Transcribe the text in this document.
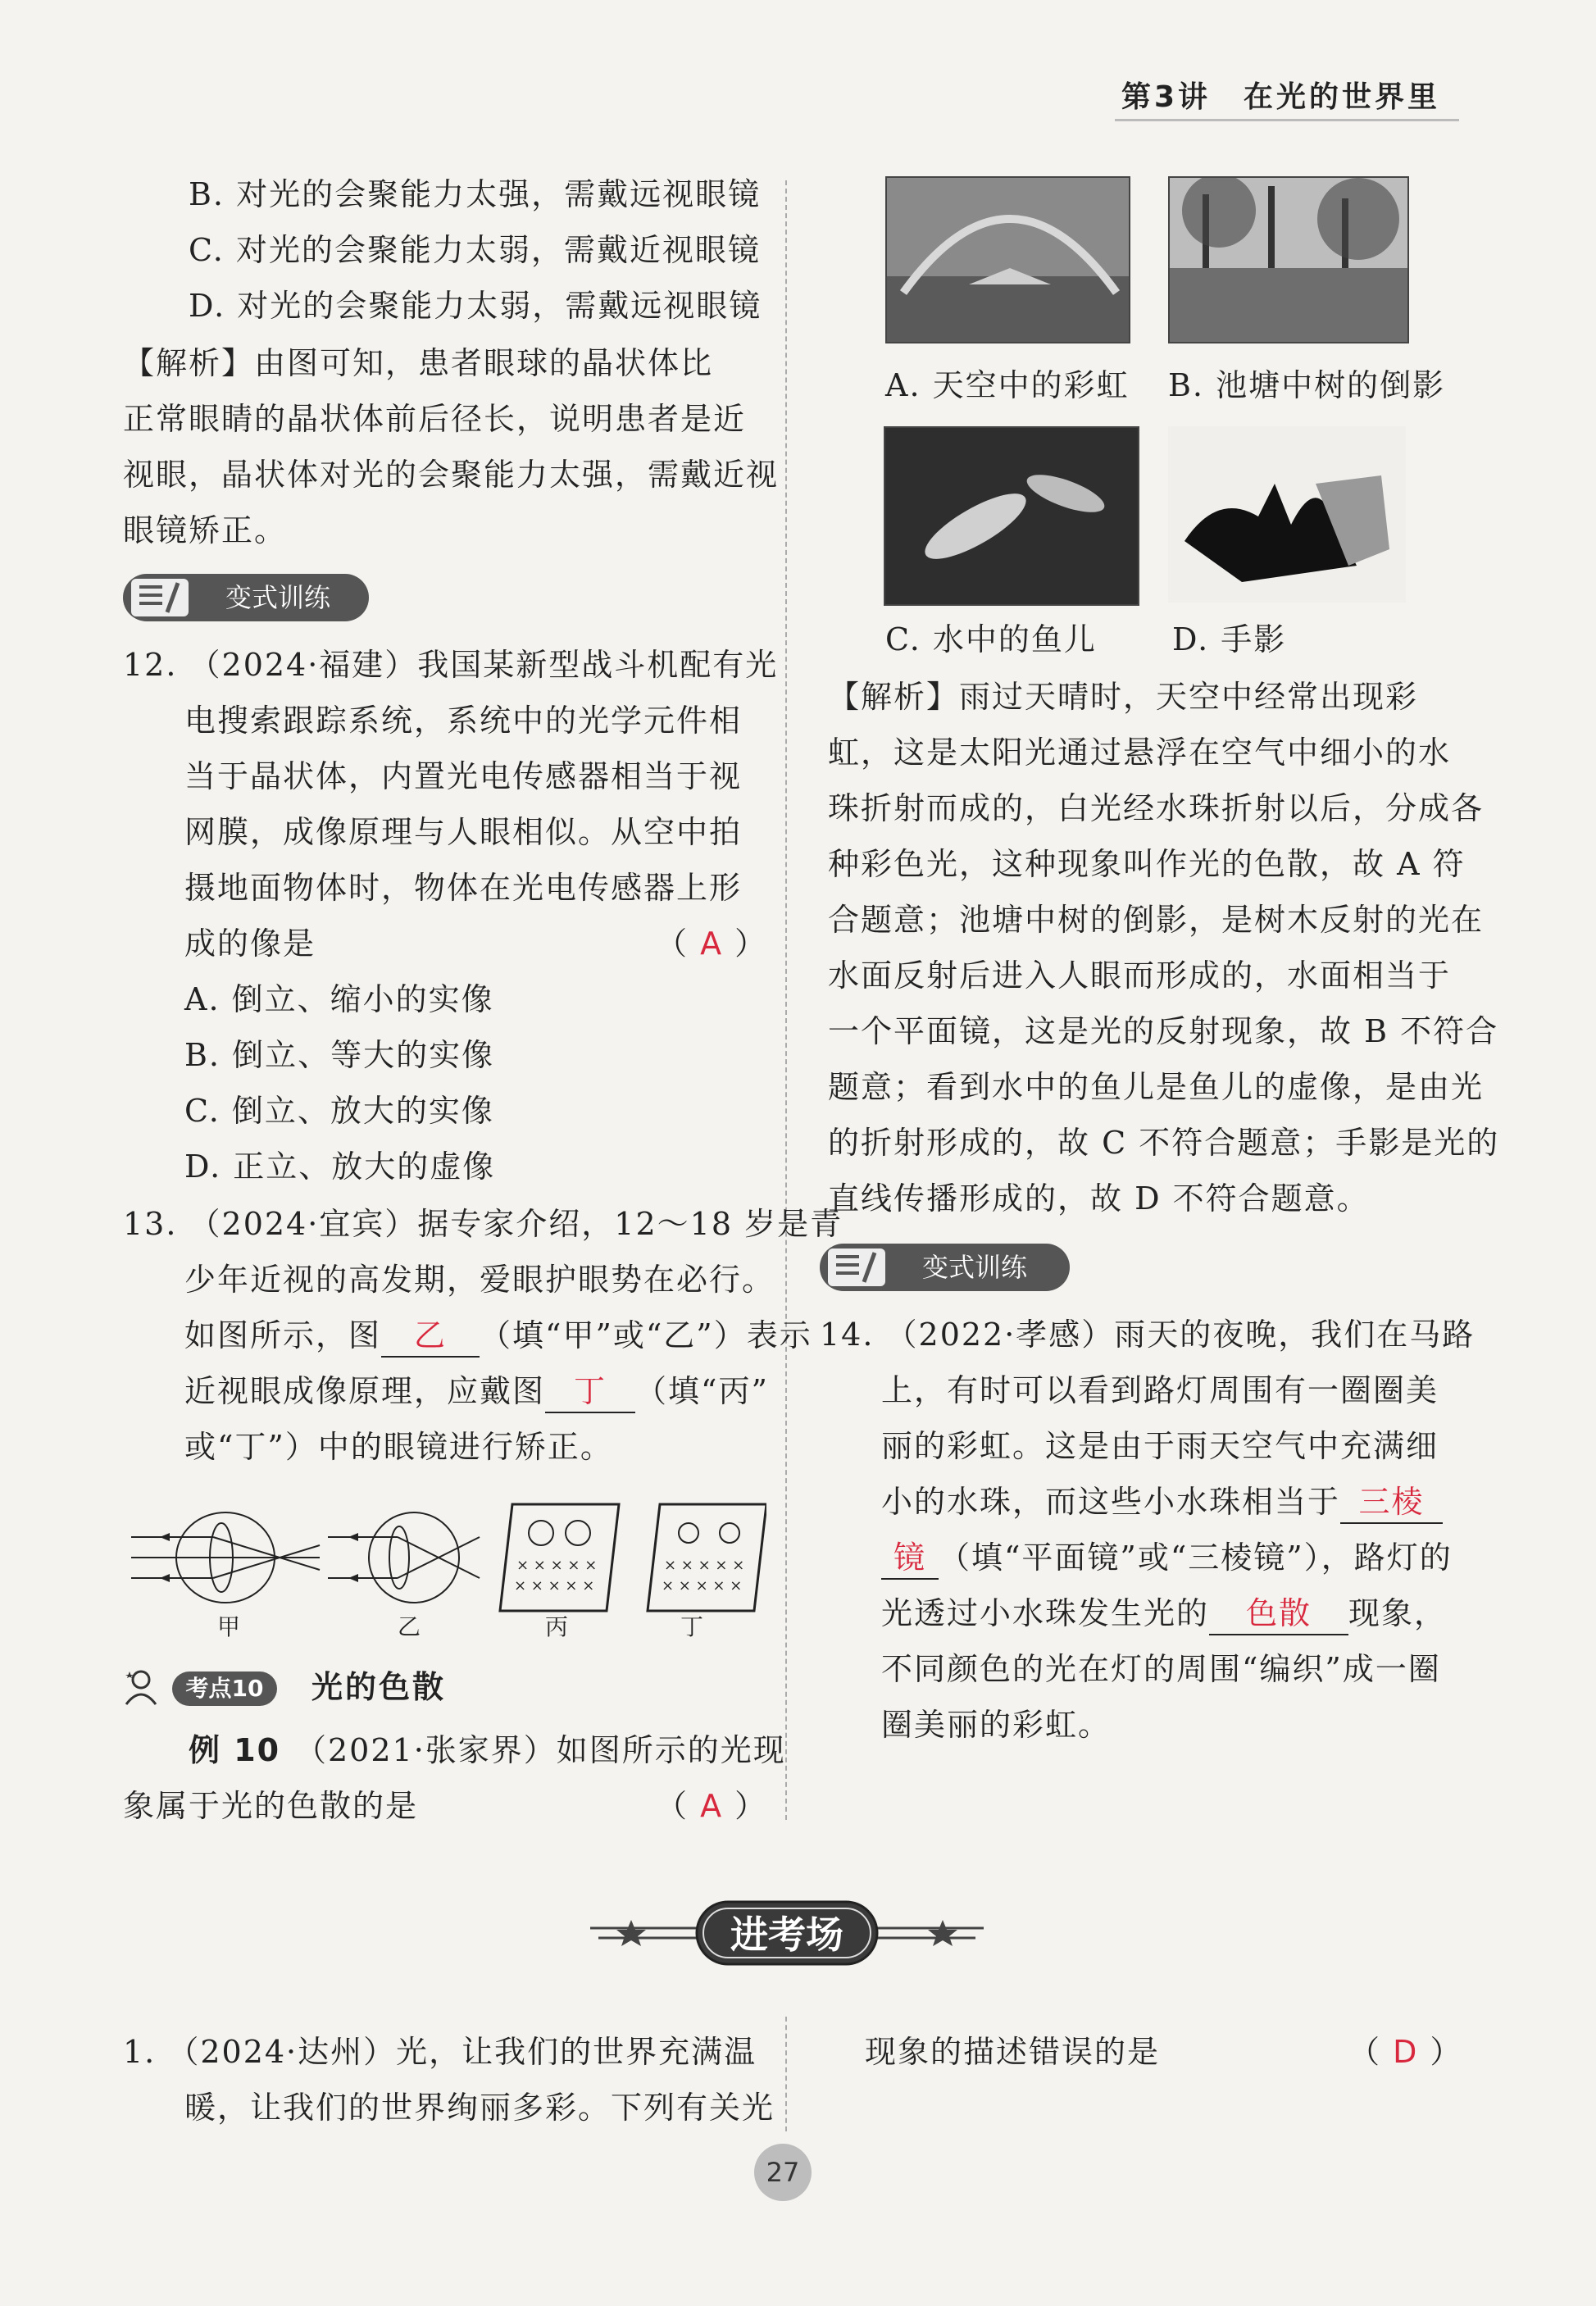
第3讲　在光的世界里
B. 对光的会聚能力太强，需戴远视眼镜
C. 对光的会聚能力太弱，需戴近视眼镜
D. 对光的会聚能力太弱，需戴远视眼镜
【解析】由图可知，患者眼球的晶状体比
正常眼睛的晶状体前后径长，说明患者是近
视眼，晶状体对光的会聚能力太强，需戴近视
眼镜矫正。
变式训练
12. （2024·福建）我国某新型战斗机配有光
电搜索跟踪系统，系统中的光学元件相
当于晶状体，内置光电传感器相当于视
网膜，成像原理与人眼相似。从空中拍
摄地面物体时，物体在光电传感器上形
成的像是	（ A ）
A. 倒立、缩小的实像
B. 倒立、等大的实像
C. 倒立、放大的实像
D. 正立、放大的虚像
13. （2024·宜宾）据专家介绍，12～18 岁是青
少年近视的高发期，爱眼护眼势在必行。
如图所示，图 乙 （填“甲”或“乙”）表示
近视眼成像原理，应戴图 丁 （填“丙”
或“丁”）中的眼镜进行矫正。
× × × × ×
× × × × ×
× × × × ×
× × × × ×
甲	乙	丙	丁
考点10	光的色散
例 10 （2021·张家界）如图所示的光现
象属于光的色散的是	（ A ）
A. 天空中的彩虹 B. 池塘中树的倒影
C. 水中的鱼儿 D. 手影
【解析】雨过天晴时，天空中经常出现彩
虹，这是太阳光通过悬浮在空气中细小的水
珠折射而成的，白光经水珠折射以后，分成各
种彩色光，这种现象叫作光的色散，故 A 符
合题意；池塘中树的倒影，是树木反射的光在
水面反射后进入人眼而形成的，水面相当于
一个平面镜，这是光的反射现象，故 B 不符合
题意；看到水中的鱼儿是鱼儿的虚像，是由光
的折射形成的，故 C 不符合题意；手影是光的
直线传播形成的，故 D 不符合题意。
变式训练
14. （2022·孝感）雨天的夜晚，我们在马路
上，有时可以看到路灯周围有一圈圈美
丽的彩虹。这是由于雨天空气中充满细
小的水珠，而这些小水珠相当于 三棱
镜 （填“平面镜”或“三棱镜”），路灯的
光透过小水珠发生光的 色散 现象，
不同颜色的光在灯的周围“编织”成一圈
圈美丽的彩虹。
进考场
1. （2024·达州）光，让我们的世界充满温
暖，让我们的世界绚丽多彩。下列有关光
现象的描述错误的是	（ D ）
27
